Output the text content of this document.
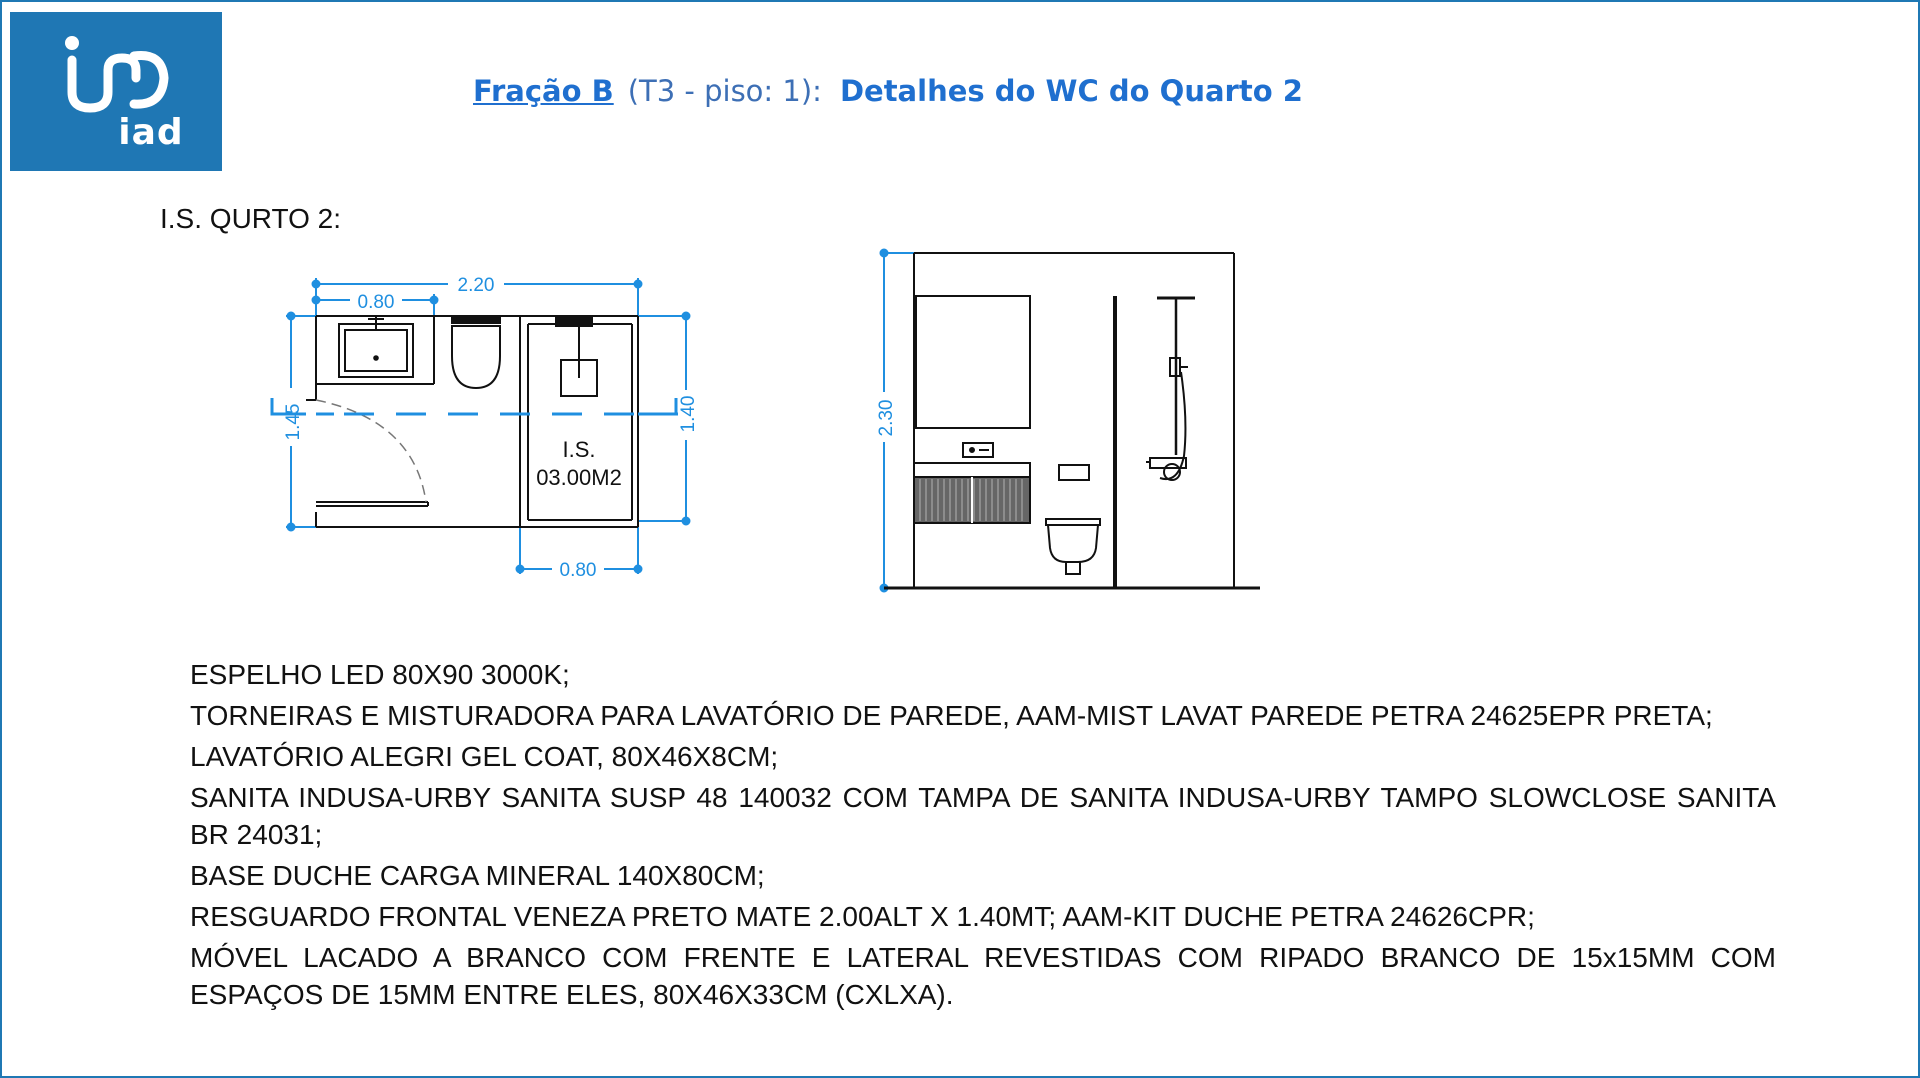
iad
Fração B (T3 - piso: 1): Detalhes do WC do Quarto 2
I.S. QURTO 2:
2.20
0.80
1.45	1.40
0.80
I.S.
03.00M2
2.30
ESPELHO LED 80X90 3000K;
TORNEIRAS E MISTURADORA PARA LAVATÓRIO DE PAREDE, AAM-MIST LAVAT PAREDE PETRA 24625EPR PRETA;
LAVATÓRIO ALEGRI GEL COAT, 80X46X8CM;
SANITA INDUSA-URBY SANITA SUSP 48 140032 COM TAMPA DE SANITA INDUSA-URBY TAMPO SLOWCLOSE SANITA BR 24031;
BASE DUCHE CARGA MINERAL 140X80CM;
RESGUARDO FRONTAL VENEZA PRETO MATE 2.00ALT X 1.40MT; AAM-KIT DUCHE PETRA 24626CPR;
MÓVEL LACADO A BRANCO COM FRENTE E LATERAL REVESTIDAS COM RIPADO BRANCO DE 15x15MM COM ESPAÇOS DE 15MM ENTRE ELES, 80X46X33CM (CXLXA).
